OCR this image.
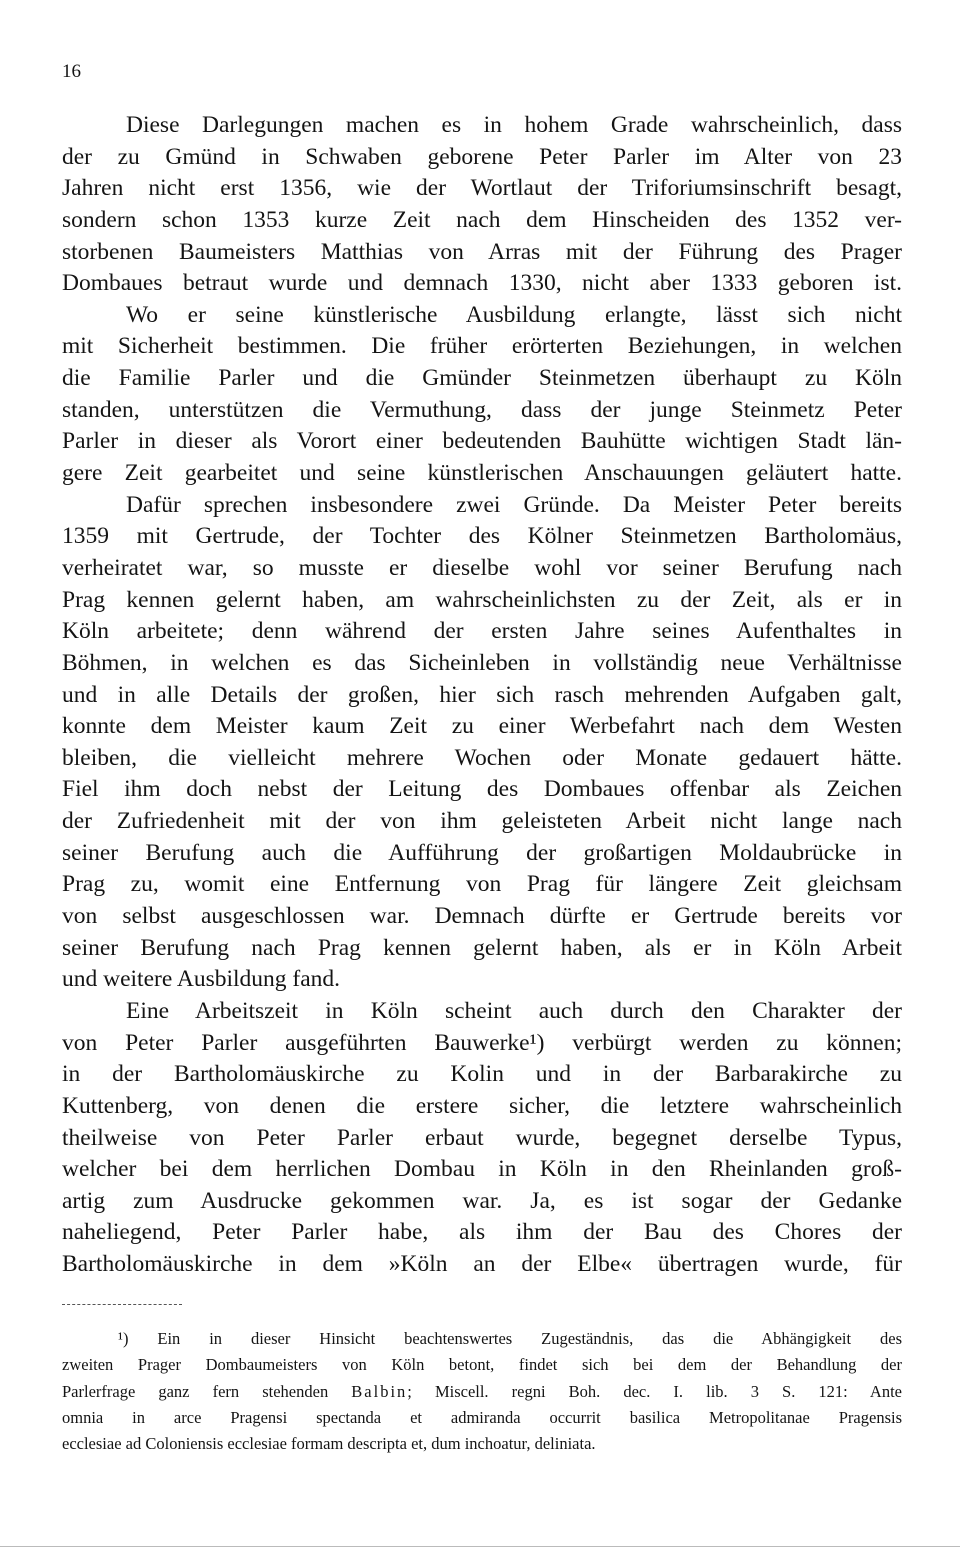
16
Diese Darlegungen machen es in hohem Grade wahrscheinlich, dass
der zu Gmünd in Schwaben geborene Peter Parler im Alter von 23
Jahren nicht erst 1356, wie der Wortlaut der Triforiumsinschrift besagt,
sondern schon 1353 kurze Zeit nach dem Hinscheiden des 1352 ver-
storbenen Baumeisters Matthias von Arras mit der Führung des Prager
Dombaues betraut wurde und demnach 1330, nicht aber 1333 geboren ist.
Wo er seine künstlerische Ausbildung erlangte, lässt sich nicht
mit Sicherheit bestimmen. Die früher erörterten Beziehungen, in welchen
die Familie Parler und die Gmünder Steinmetzen überhaupt zu Köln
standen, unterstützen die Vermuthung, dass der junge Steinmetz Peter
Parler in dieser als Vorort einer bedeutenden Bauhütte wichtigen Stadt län-
gere Zeit gearbeitet und seine künstlerischen Anschauungen geläutert hatte.
Dafür sprechen insbesondere zwei Gründe. Da Meister Peter bereits
1359 mit Gertrude, der Tochter des Kölner Steinmetzen Bartholomäus,
verheiratet war, so musste er dieselbe wohl vor seiner Berufung nach
Prag kennen gelernt haben, am wahrscheinlichsten zu der Zeit, als er in
Köln arbeitete; denn während der ersten Jahre seines Aufenthaltes in
Böhmen, in welchen es das Sicheinleben in vollständig neue Verhältnisse
und in alle Details der großen, hier sich rasch mehrenden Aufgaben galt,
konnte dem Meister kaum Zeit zu einer Werbefahrt nach dem Westen
bleiben, die vielleicht mehrere Wochen oder Monate gedauert hätte.
Fiel ihm doch nebst der Leitung des Dombaues offenbar als Zeichen
der Zufriedenheit mit der von ihm geleisteten Arbeit nicht lange nach
seiner Berufung auch die Aufführung der großartigen Moldaubrücke in
Prag zu, womit eine Entfernung von Prag für längere Zeit gleichsam
von selbst ausgeschlossen war. Demnach dürfte er Gertrude bereits vor
seiner Berufung nach Prag kennen gelernt haben, als er in Köln Arbeit
und weitere Ausbildung fand.
Eine Arbeitszeit in Köln scheint auch durch den Charakter der
von Peter Parler ausgeführten Bauwerke¹) verbürgt werden zu können;
in der Bartholomäuskirche zu Kolin und in der Barbarakirche zu
Kuttenberg, von denen die erstere sicher, die letztere wahrscheinlich
theilweise von Peter Parler erbaut wurde, begegnet derselbe Typus,
welcher bei dem herrlichen Dombau in Köln in den Rheinlanden groß-
artig zum Ausdrucke gekommen war. Ja, es ist sogar der Gedanke
naheliegend, Peter Parler habe, als ihm der Bau des Chores der
Bartholomäuskirche in dem »Köln an der Elbe« übertragen wurde, für
¹) Ein in dieser Hinsicht beachtenswertes Zugeständnis, das die Abhängigkeit des
zweiten Prager Dombaumeisters von Köln betont, findet sich bei dem der Behandlung der
Parlerfrage ganz fern stehenden Balbin; Miscell. regni Boh. dec. I. lib. 3 S. 121: Ante
omnia in arce Pragensi spectanda et admiranda occurrit basilica Metropolitanae Pragensis
ecclesiae ad Coloniensis ecclesiae formam descripta et, dum inchoatur, deliniata.
